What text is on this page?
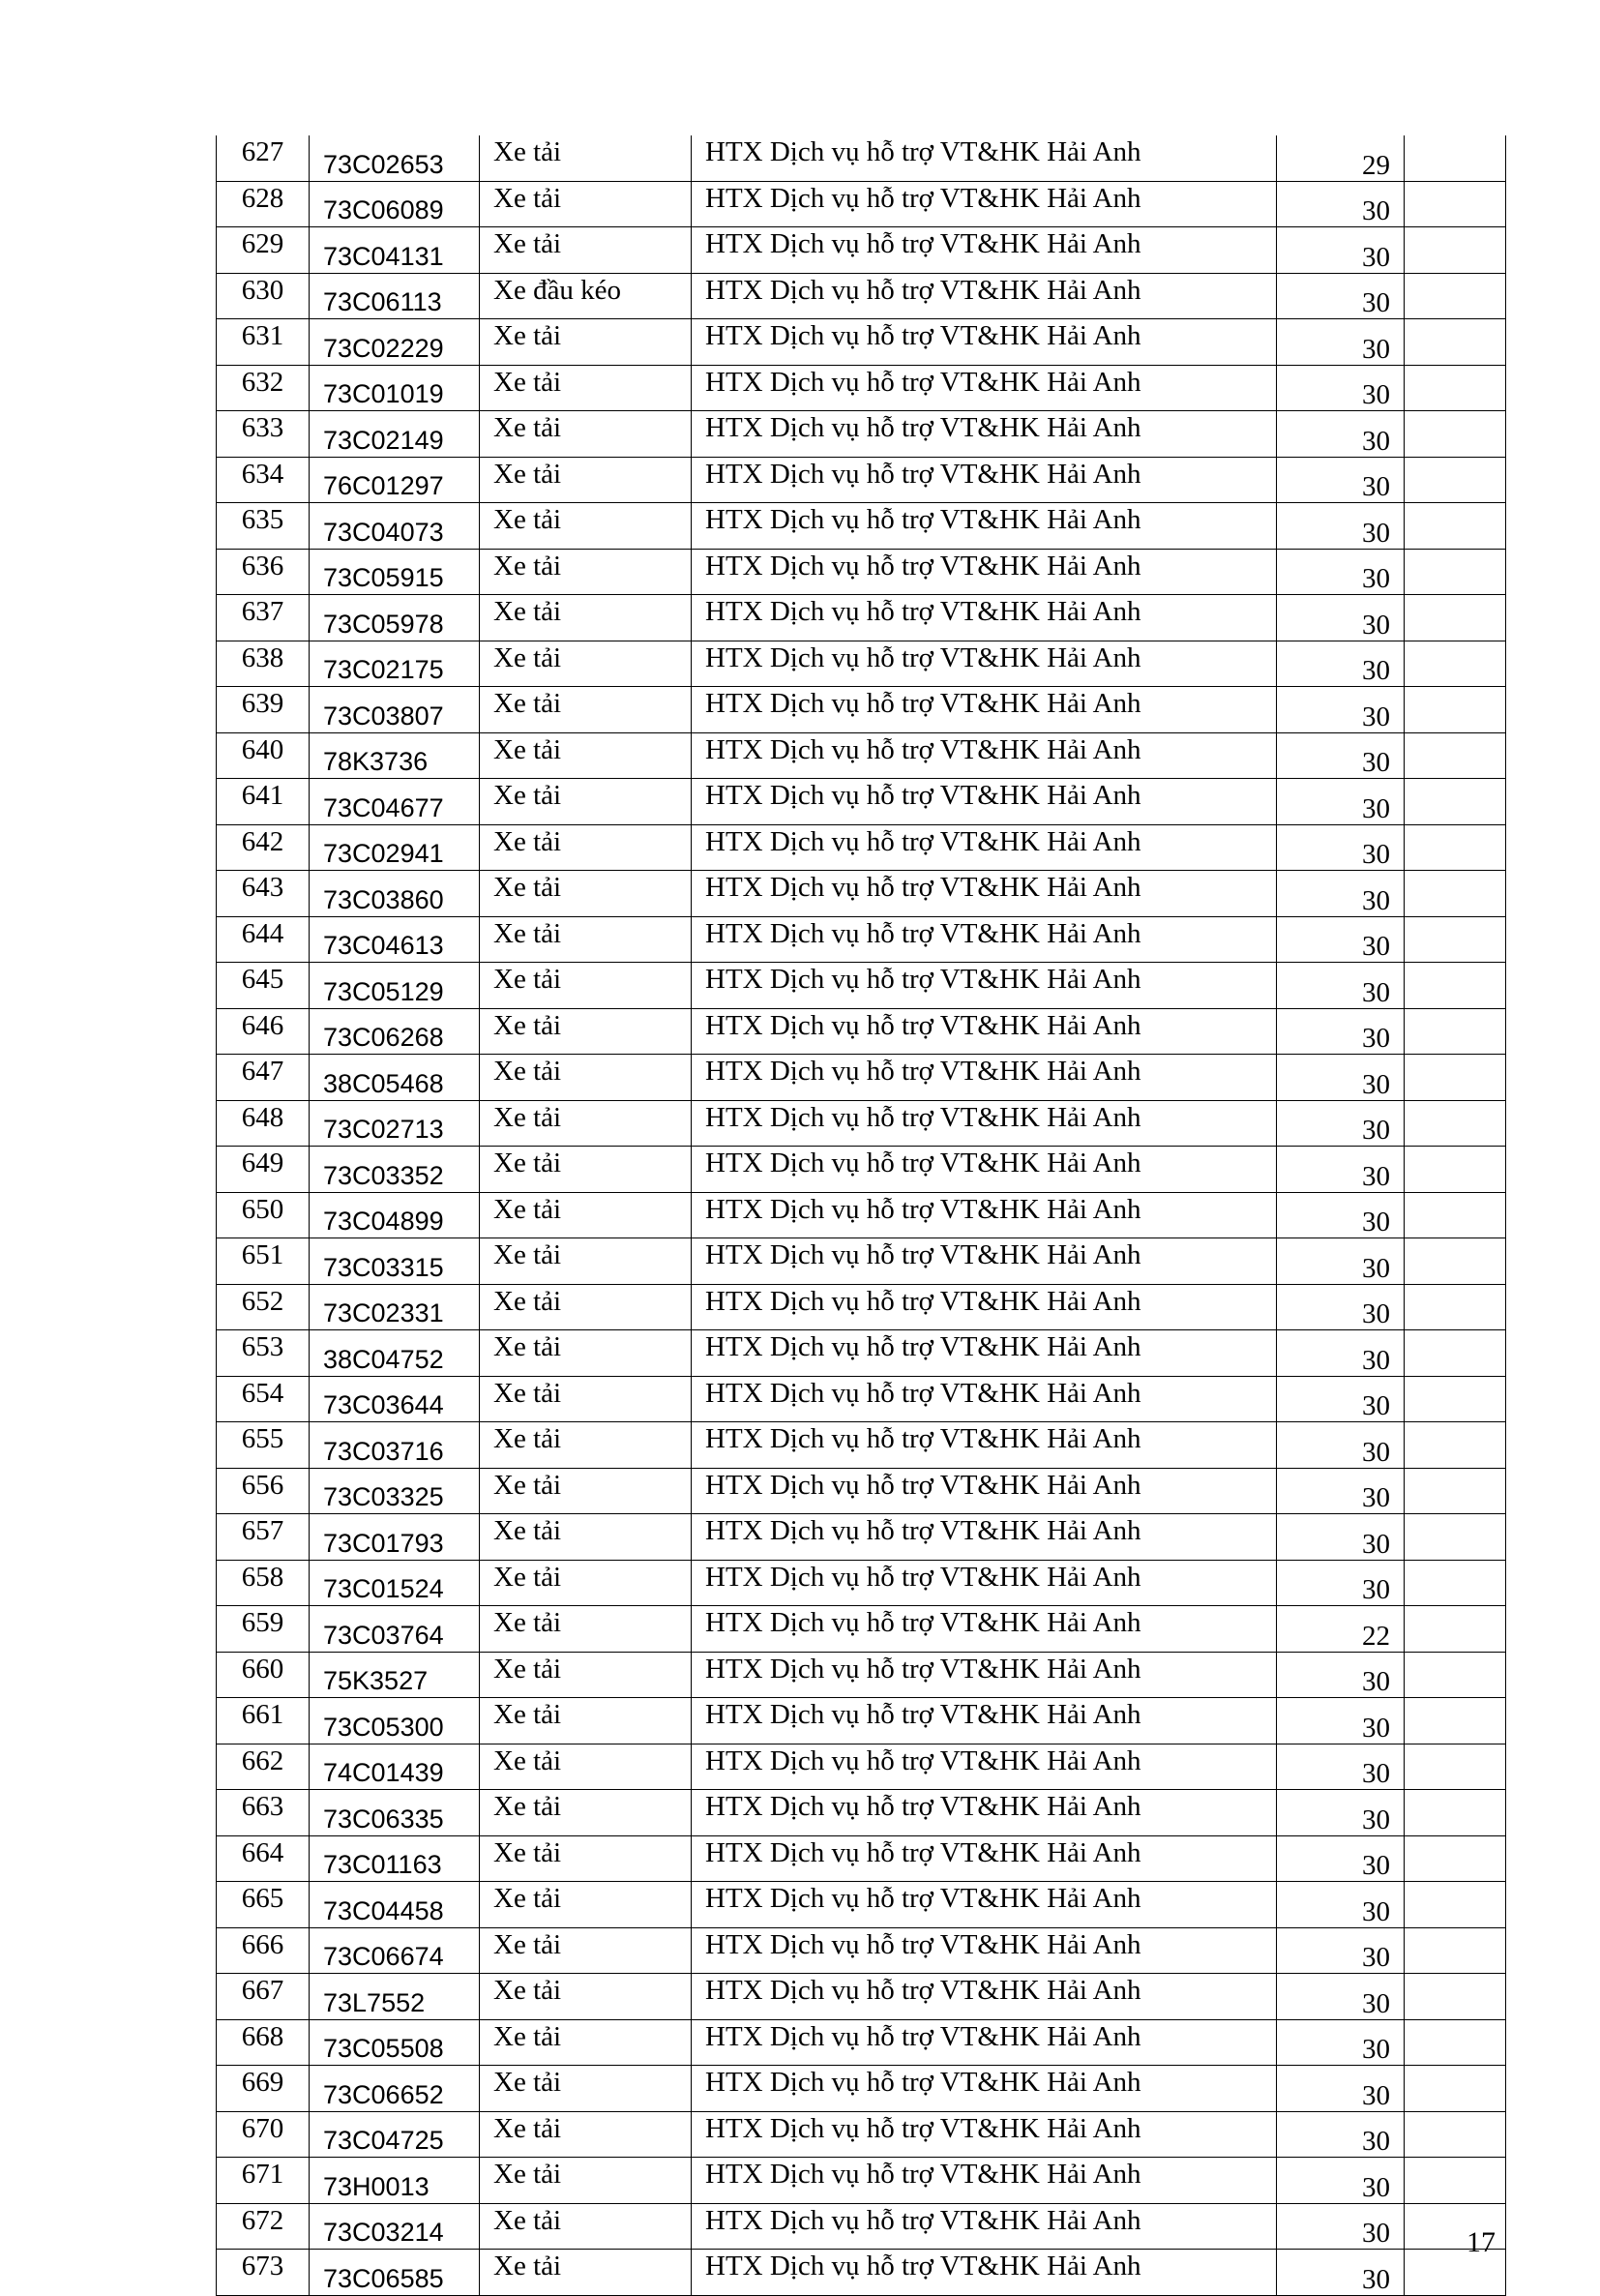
627	73C02653	Xe tải	HTX Dịch vụ hỗ trợ VT&HK Hải Anh	29	
628	73C06089	Xe tải	HTX Dịch vụ hỗ trợ VT&HK Hải Anh	30	
629	73C04131	Xe tải	HTX Dịch vụ hỗ trợ VT&HK Hải Anh	30	
630	73C06113	Xe đầu kéo	HTX Dịch vụ hỗ trợ VT&HK Hải Anh	30	
631	73C02229	Xe tải	HTX Dịch vụ hỗ trợ VT&HK Hải Anh	30	
632	73C01019	Xe tải	HTX Dịch vụ hỗ trợ VT&HK Hải Anh	30	
633	73C02149	Xe tải	HTX Dịch vụ hỗ trợ VT&HK Hải Anh	30	
634	76C01297	Xe tải	HTX Dịch vụ hỗ trợ VT&HK Hải Anh	30	
635	73C04073	Xe tải	HTX Dịch vụ hỗ trợ VT&HK Hải Anh	30	
636	73C05915	Xe tải	HTX Dịch vụ hỗ trợ VT&HK Hải Anh	30	
637	73C05978	Xe tải	HTX Dịch vụ hỗ trợ VT&HK Hải Anh	30	
638	73C02175	Xe tải	HTX Dịch vụ hỗ trợ VT&HK Hải Anh	30	
639	73C03807	Xe tải	HTX Dịch vụ hỗ trợ VT&HK Hải Anh	30	
640	78K3736	Xe tải	HTX Dịch vụ hỗ trợ VT&HK Hải Anh	30	
641	73C04677	Xe tải	HTX Dịch vụ hỗ trợ VT&HK Hải Anh	30	
642	73C02941	Xe tải	HTX Dịch vụ hỗ trợ VT&HK Hải Anh	30	
643	73C03860	Xe tải	HTX Dịch vụ hỗ trợ VT&HK Hải Anh	30	
644	73C04613	Xe tải	HTX Dịch vụ hỗ trợ VT&HK Hải Anh	30	
645	73C05129	Xe tải	HTX Dịch vụ hỗ trợ VT&HK Hải Anh	30	
646	73C06268	Xe tải	HTX Dịch vụ hỗ trợ VT&HK Hải Anh	30	
647	38C05468	Xe tải	HTX Dịch vụ hỗ trợ VT&HK Hải Anh	30	
648	73C02713	Xe tải	HTX Dịch vụ hỗ trợ VT&HK Hải Anh	30	
649	73C03352	Xe tải	HTX Dịch vụ hỗ trợ VT&HK Hải Anh	30	
650	73C04899	Xe tải	HTX Dịch vụ hỗ trợ VT&HK Hải Anh	30	
651	73C03315	Xe tải	HTX Dịch vụ hỗ trợ VT&HK Hải Anh	30	
652	73C02331	Xe tải	HTX Dịch vụ hỗ trợ VT&HK Hải Anh	30	
653	38C04752	Xe tải	HTX Dịch vụ hỗ trợ VT&HK Hải Anh	30	
654	73C03644	Xe tải	HTX Dịch vụ hỗ trợ VT&HK Hải Anh	30	
655	73C03716	Xe tải	HTX Dịch vụ hỗ trợ VT&HK Hải Anh	30	
656	73C03325	Xe tải	HTX Dịch vụ hỗ trợ VT&HK Hải Anh	30	
657	73C01793	Xe tải	HTX Dịch vụ hỗ trợ VT&HK Hải Anh	30	
658	73C01524	Xe tải	HTX Dịch vụ hỗ trợ VT&HK Hải Anh	30	
659	73C03764	Xe tải	HTX Dịch vụ hỗ trợ VT&HK Hải Anh	22	
660	75K3527	Xe tải	HTX Dịch vụ hỗ trợ VT&HK Hải Anh	30	
661	73C05300	Xe tải	HTX Dịch vụ hỗ trợ VT&HK Hải Anh	30	
662	74C01439	Xe tải	HTX Dịch vụ hỗ trợ VT&HK Hải Anh	30	
663	73C06335	Xe tải	HTX Dịch vụ hỗ trợ VT&HK Hải Anh	30	
664	73C01163	Xe tải	HTX Dịch vụ hỗ trợ VT&HK Hải Anh	30	
665	73C04458	Xe tải	HTX Dịch vụ hỗ trợ VT&HK Hải Anh	30	
666	73C06674	Xe tải	HTX Dịch vụ hỗ trợ VT&HK Hải Anh	30	
667	73L7552	Xe tải	HTX Dịch vụ hỗ trợ VT&HK Hải Anh	30	
668	73C05508	Xe tải	HTX Dịch vụ hỗ trợ VT&HK Hải Anh	30	
669	73C06652	Xe tải	HTX Dịch vụ hỗ trợ VT&HK Hải Anh	30	
670	73C04725	Xe tải	HTX Dịch vụ hỗ trợ VT&HK Hải Anh	30	
671	73H0013	Xe tải	HTX Dịch vụ hỗ trợ VT&HK Hải Anh	30	
672	73C03214	Xe tải	HTX Dịch vụ hỗ trợ VT&HK Hải Anh	30	
673	73C06585	Xe tải	HTX Dịch vụ hỗ trợ VT&HK Hải Anh	30	
17
